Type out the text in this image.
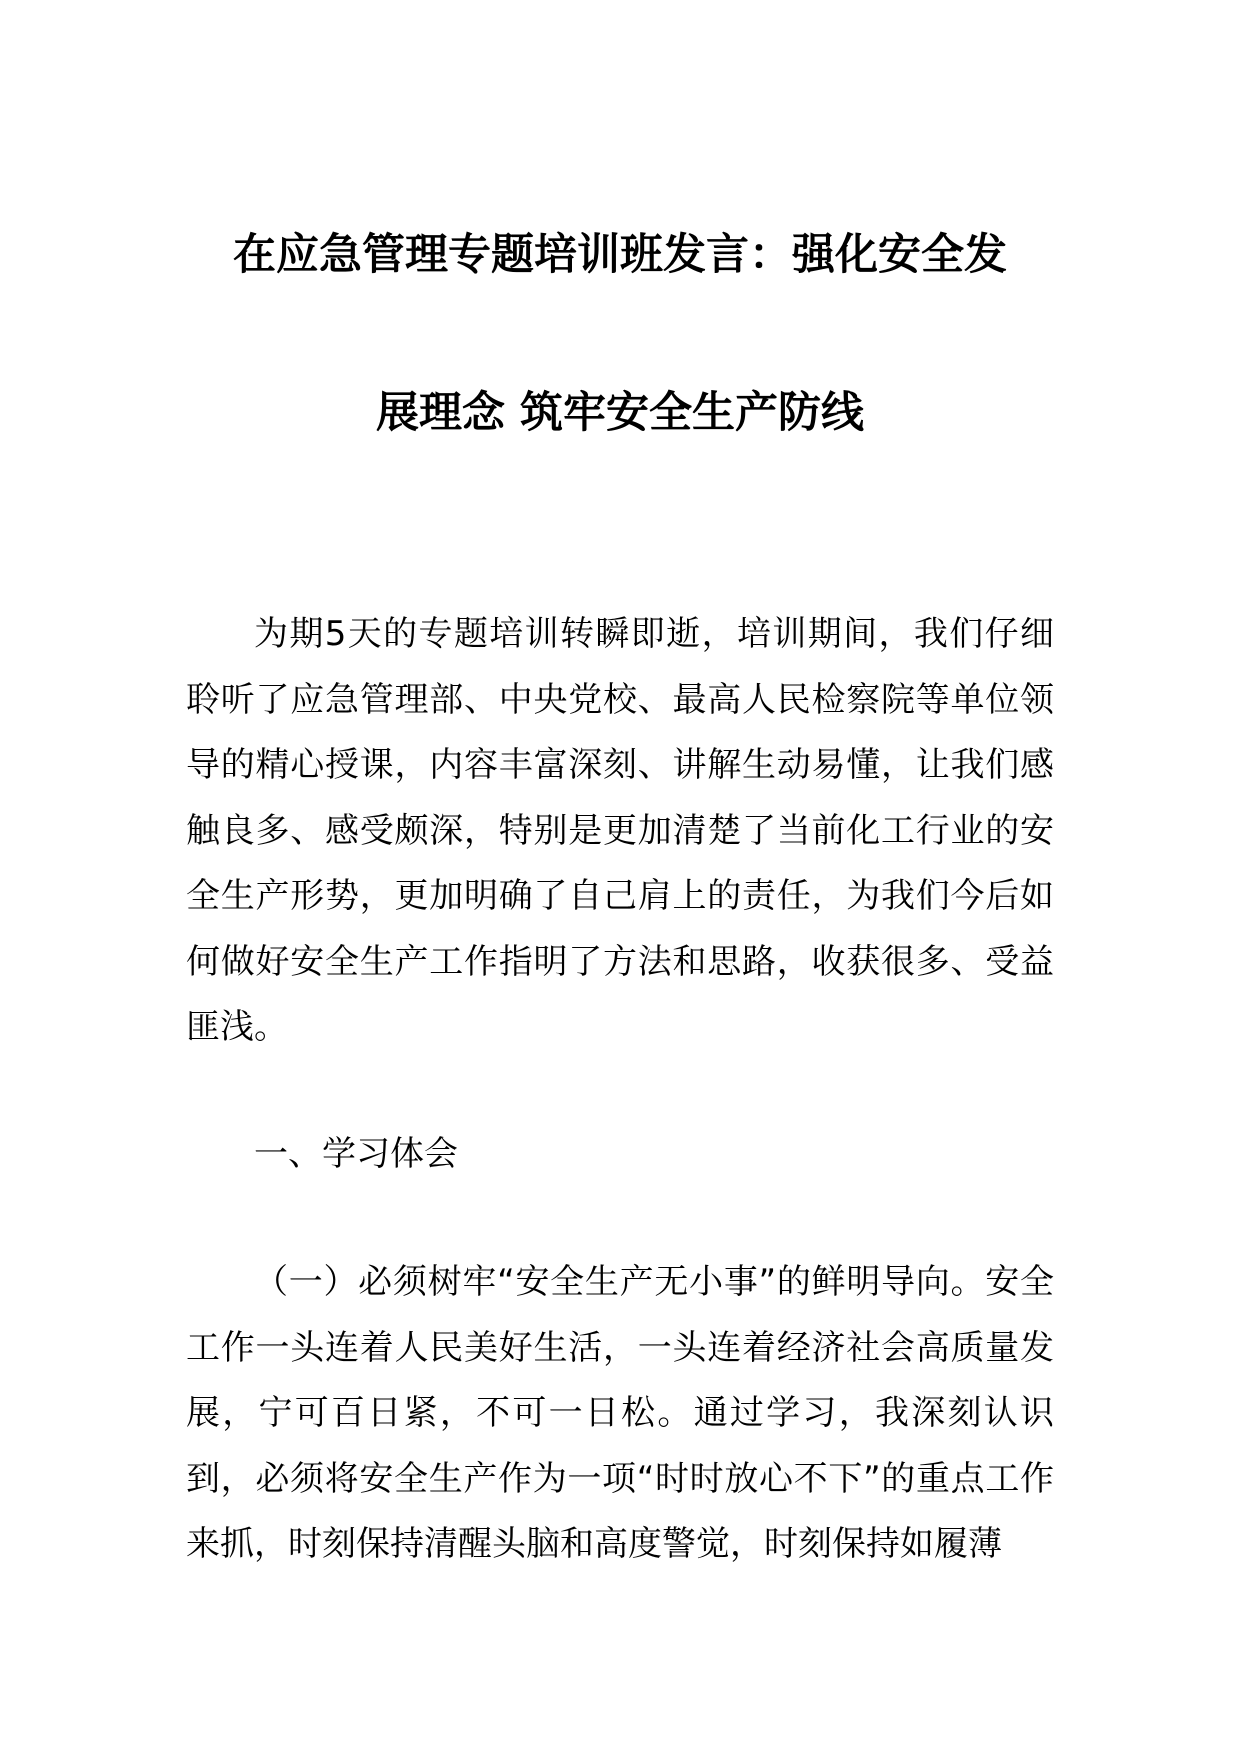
在应急管理专题培训班发言：强化安全发
展理念 筑牢安全生产防线

为期5天的专题培训转瞬即逝，培训期间，我们仔细聆听了应急管理部、中央党校、最高人民检察院等单位领导的精心授课，内容丰富深刻、讲解生动易懂，让我们感触良多、感受颇深，特别是更加清楚了当前化工行业的安全生产形势，更加明确了自己肩上的责任，为我们今后如何做好安全生产工作指明了方法和思路，收获很多、受益匪浅。

一、学习体会

（一）必须树牢“安全生产无小事”的鲜明导向。安全工作一头连着人民美好生活，一头连着经济社会高质量发展，宁可百日紧，不可一日松。通过学习，我深刻认识到，必须将安全生产作为一项“时时放心不下”的重点工作来抓，时刻保持清醒头脑和高度警觉，时刻保持如履薄
